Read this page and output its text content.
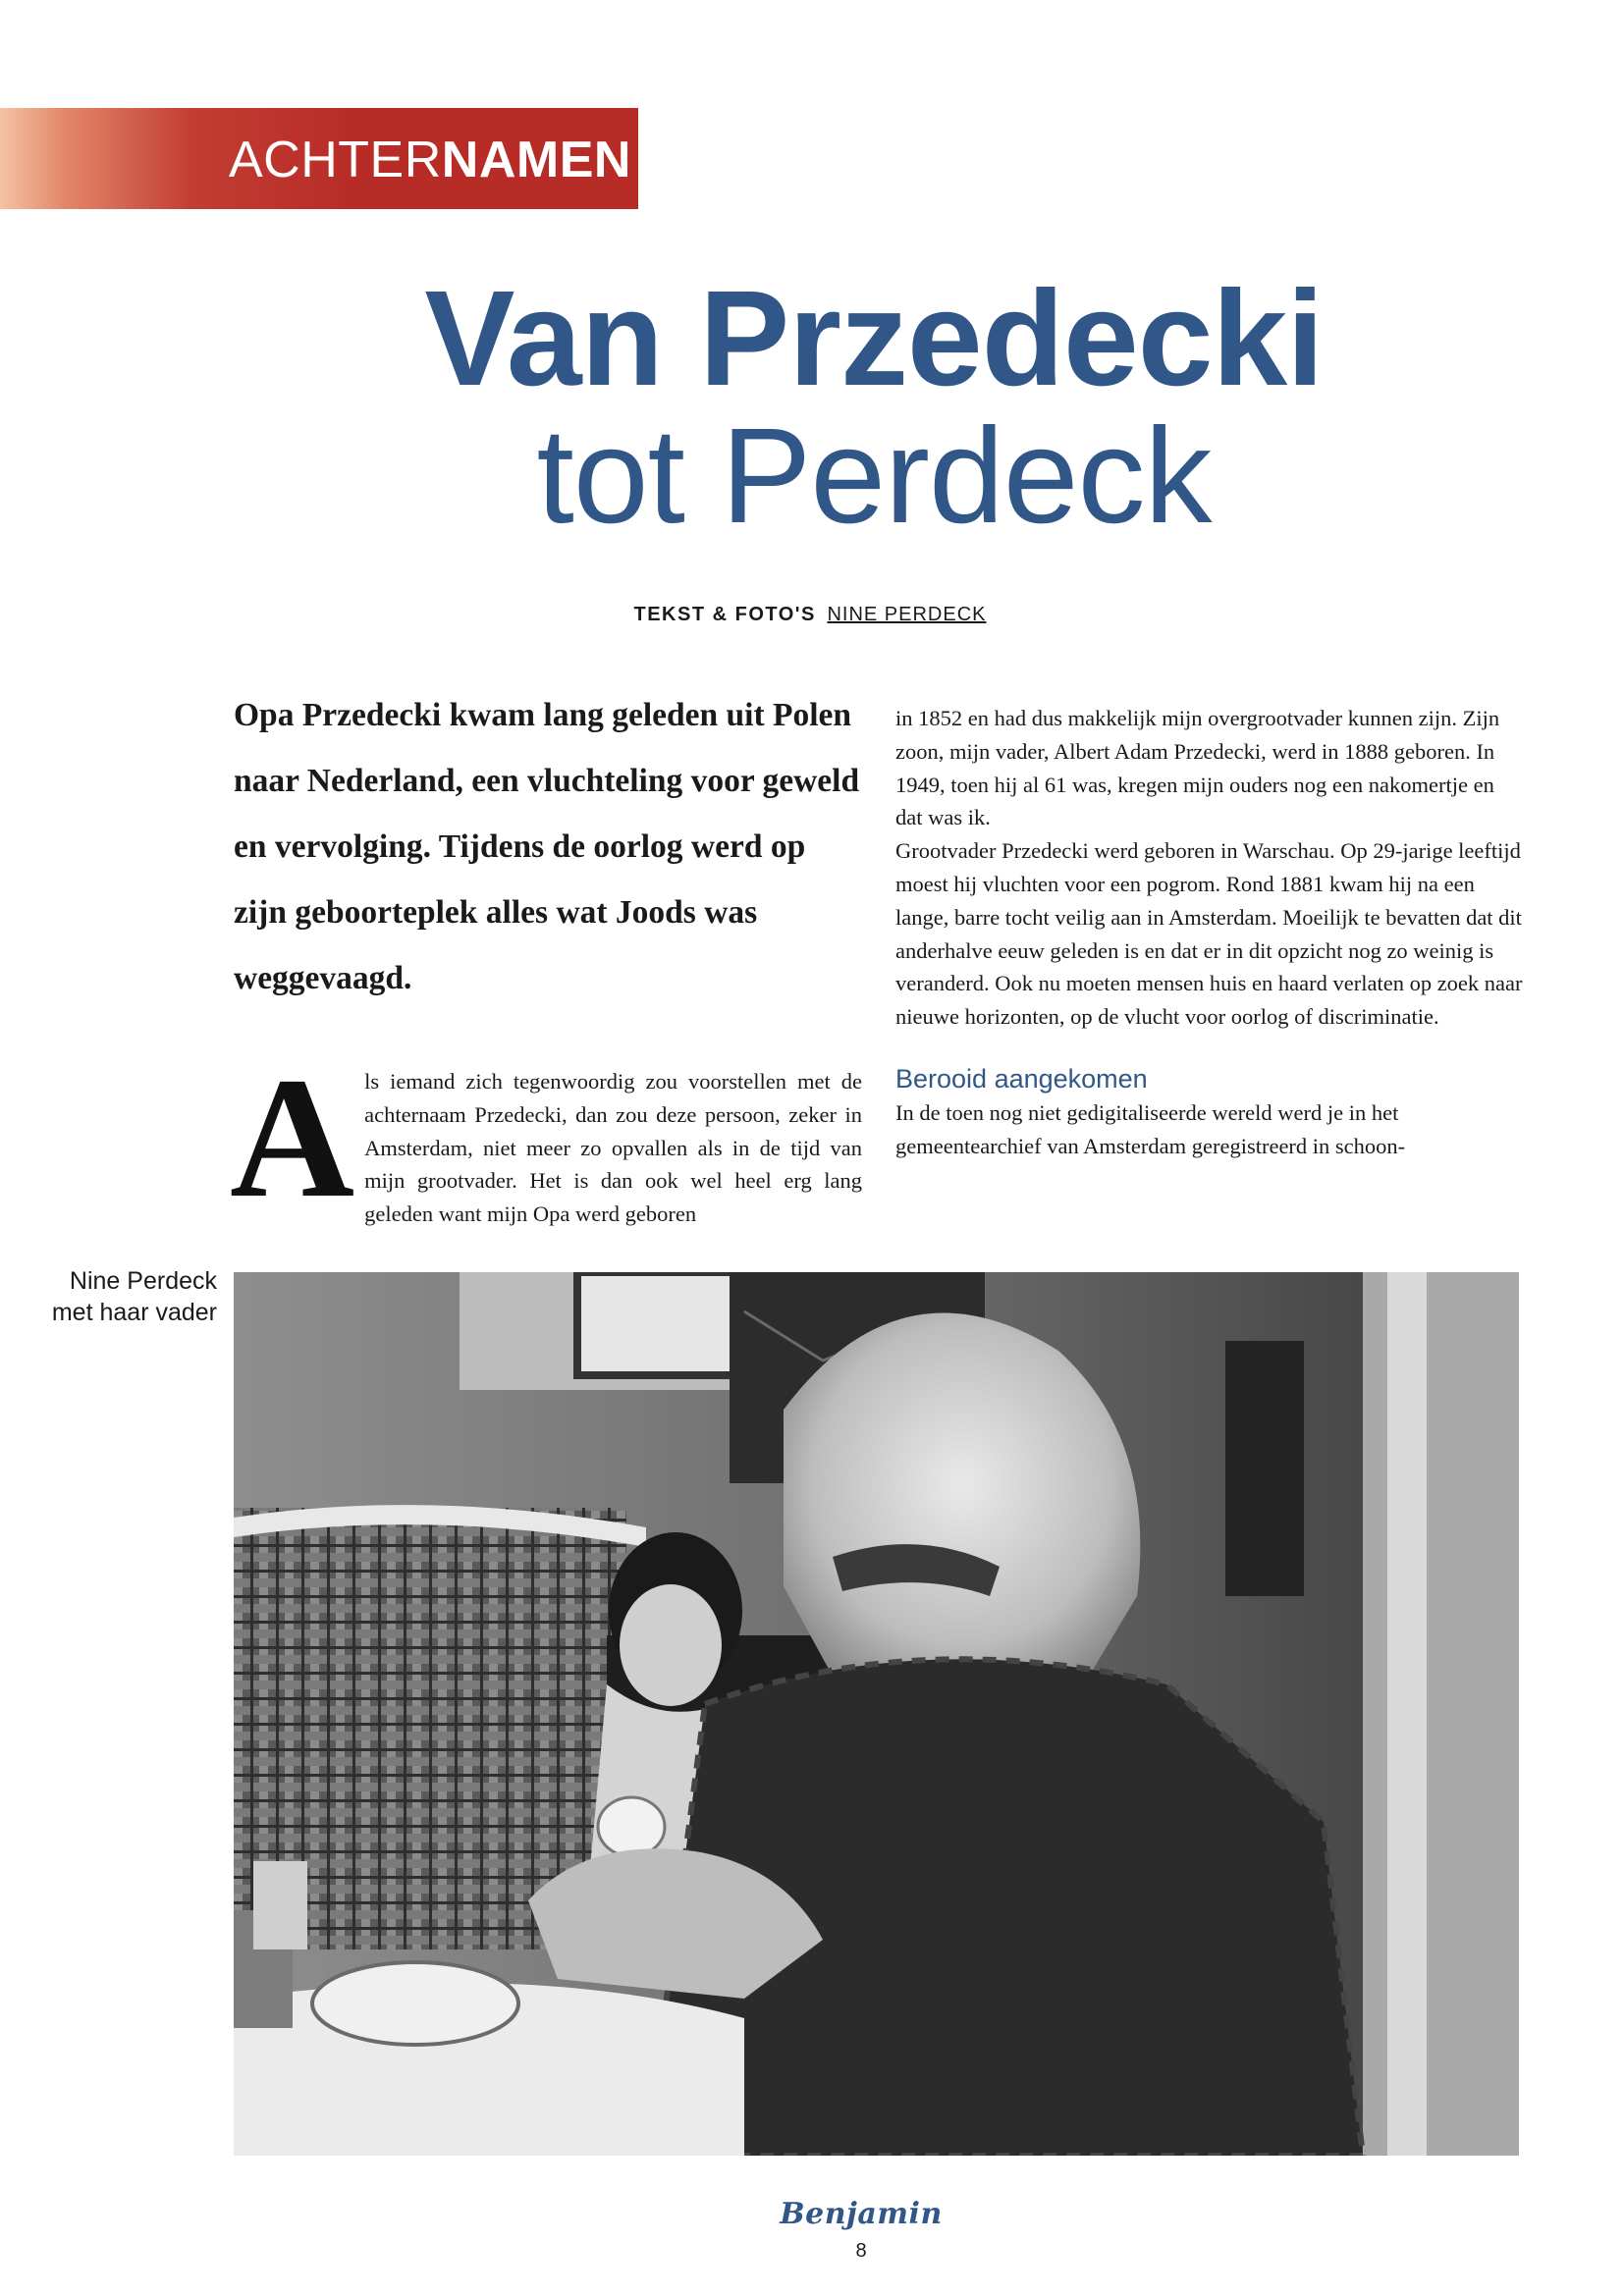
ACHTERNAMEN
Van Przedecki
tot Perdeck
TEKST & FOTO'S NINE PERDECK
Opa Przedecki kwam lang geleden uit Polen naar Nederland, een vluchteling voor geweld en vervolging. Tijdens de oorlog werd op zijn geboorteplek alles wat Joods was weggevaagd.
A ls iemand zich tegenwoordig zou voorstellen met de achternaam Przedecki, dan zou deze persoon, zeker in Amsterdam, niet meer zo opvallen als in de tijd van mijn grootvader. Het is dan ook wel heel erg lang geleden want mijn Opa werd geboren

in 1852 en had dus makkelijk mijn overgrootvader kunnen zijn. Zijn zoon, mijn vader, Albert Adam Przedecki, werd in 1888 geboren. In 1949, toen hij al 61 was, kregen mijn ouders nog een nakomertje en dat was ik.

Grootvader Przedecki werd geboren in Warschau. Op 29-jarige leeftijd moest hij vluchten voor een pogrom. Rond 1881 kwam hij na een lange, barre tocht veilig aan in Amsterdam. Moeilijk te bevatten dat dit anderhalve eeuw geleden is en dat er in dit opzicht nog zo weinig is veranderd. Ook nu moeten mensen huis en haard verlaten op zoek naar nieuwe horizonten, op de vlucht voor oorlog of discriminatie.

Berooid aangekomen

In de toen nog niet gedigitaliseerde wereld werd je in het gemeentearchief van Amsterdam geregistreerd in schoon-

Nine Perdeck
met haar vader
Benjamin
8
